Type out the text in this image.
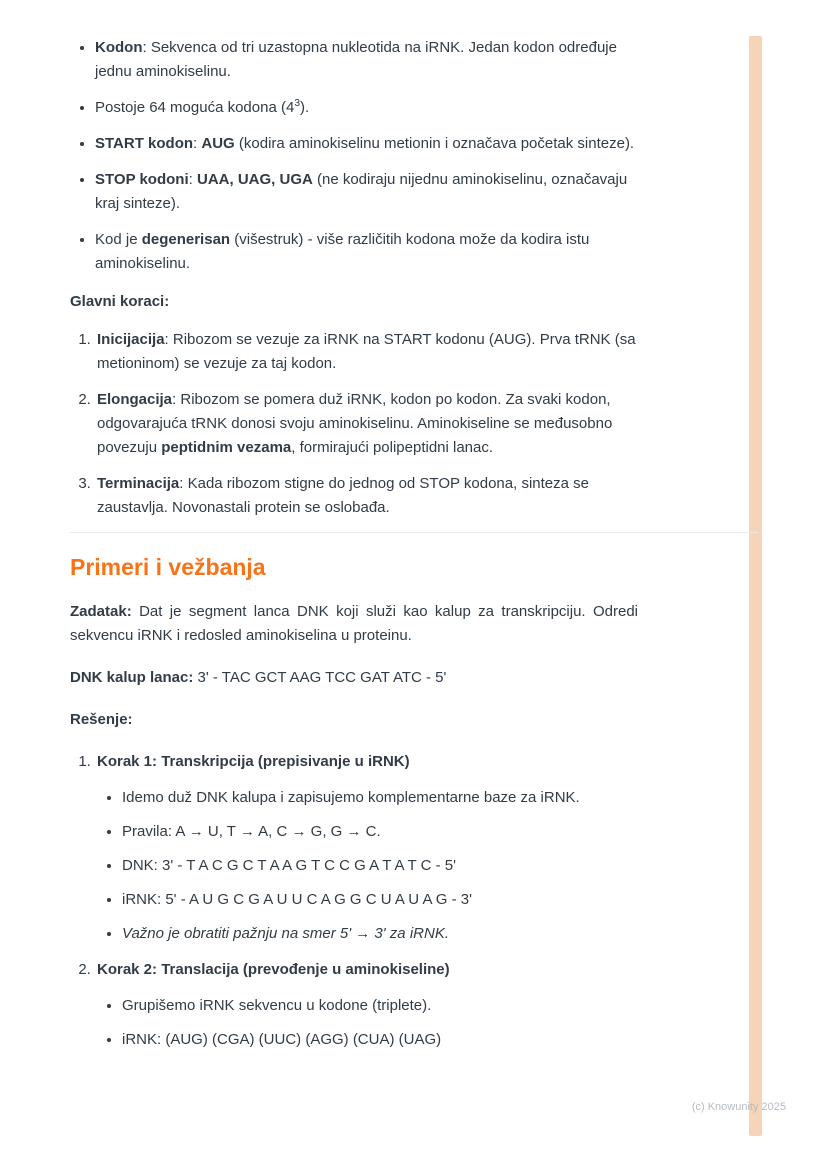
• Kodon: Sekvenca od tri uzastopna nukleotida na iRNK. Jedan kodon određuje jednu aminokiselinu.
• Postoje 64 moguća kodona $(4^3)$.
• START kodon: AUG (kodira aminokiselinu metionin i označava početak sinteze).
• STOP kodoni: UAA, UAG, UGA (ne kodiraju nijednu aminokiselinu, označavaju kraj sinteze).
• Kod je degenerisan (višestruk) - više različitih kodona može da kodira istu aminokiselinu.

Glavni koraci:

1. Inicijacija: Ribozom se vezuje za iRNK na START kodonu (AUG). Prva tRNK (sa metioninom) se vezuje za taj kodon.
2. Elongacija: Ribozom se pomera duž iRNK, kodon po kodon. Za svaki kodon, odgovarajuća tRNK donosi svoju aminokiselinu. Aminokiseline se međusobno povezuju peptidnim vezama, formirajući polipeptidni lanac.
3. Terminacija: Kada ribozom stigne do jednog od STOP kodona, sinteza se zaustavlja. Novonastali protein se oslobađa.
Primeri i vežbanja

Zadatak: Dat je segment lanca DNK koji služi kao kalup za transkripciju. Odredi sekvencu iRNK i redosled aminokiselina u proteinu.

DNK kalup lanac: 3' - TAC GCT AAG TCC GAT ATC - 5'

Rešenje:

1. Korak 1: Transkripcija (prepisivanje u iRNK)
• Idemo duž DNK kalupa i zapisujemo komplementarne baze za iRNK.
• Pravila: A → U, T → A, C → G, G → C.
• DNK: 3' - T A C G C T A A G T C C G A T A T C - 5'
• iRNK: 5' - A U G C G A U U C A G G C U A U A G - 3'
• Važno je obratiti pažnju na smer 5' → 3' za iRNK.
2. Korak 2: Translacija (prevođenje u aminokiseline)
• Grupišemo iRNK sekvencu u kodone (triplete).
• iRNK: (AUG) (CGA) (UUC) (AGG) (CUA) (UAG)
(c) Knowunity 2025
